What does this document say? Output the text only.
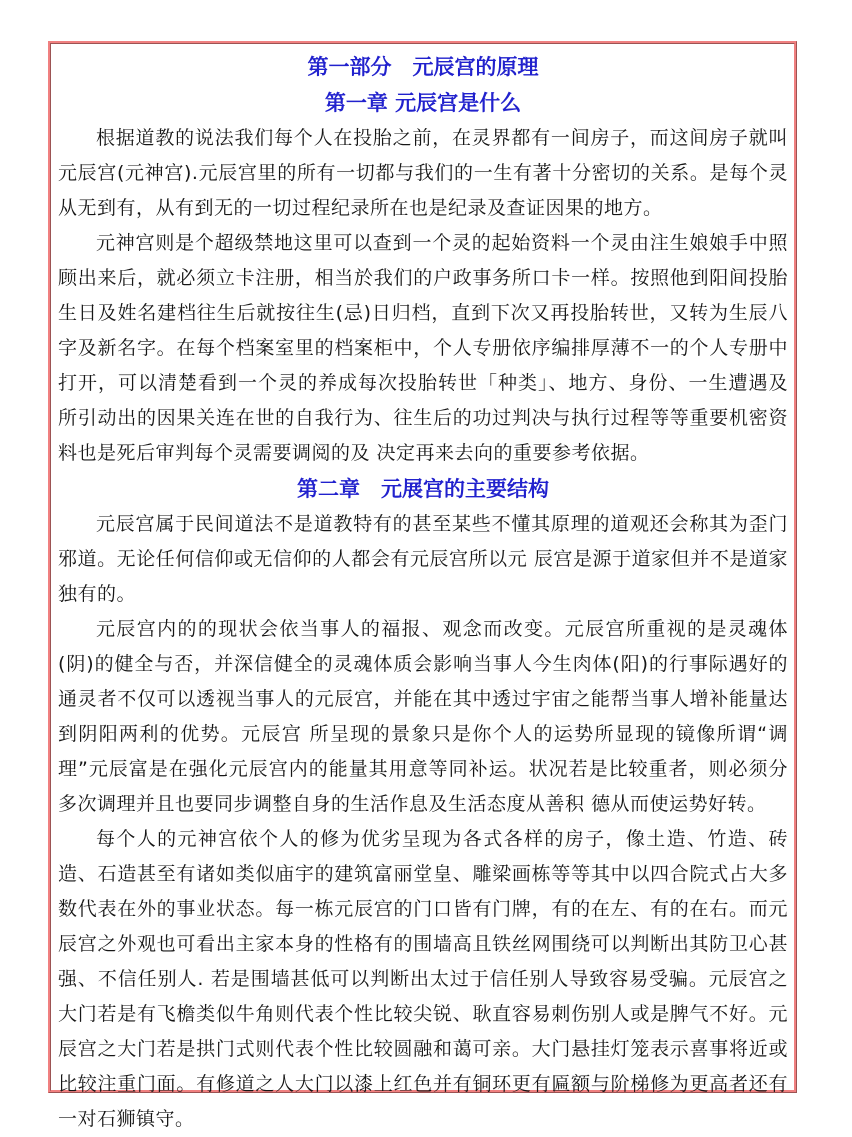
第一部分　元辰宫的原理
第一章 元辰宫是什么

根据道教的说法我们每个人在投胎之前，在灵界都有一间房子，而这间房子就叫元辰宫(元神宫).元辰宫里的所有一切都与我们的一生有著十分密切的关系。是每个灵从无到有，从有到无的一切过程纪录所在也是纪录及查证因果的地方。

元神宫则是个超级禁地这里可以查到一个灵的起始资料一个灵由注生娘娘手中照顾出来后，就必须立卡注册，相当於我们的户政事务所口卡一样。按照他到阳间投胎生日及姓名建档往生后就按往生(忌)日归档，直到下次又再投胎转世，又转为生辰八字及新名字。在每个档案室里的档案柜中，个人专册依序编排厚薄不一的个人专册中打开，可以清楚看到一个灵的养成每次投胎转世「种类」、地方、身份、一生遭遇及所引动出的因果关连在世的自我行为、往生后的功过判决与执行过程等等重要机密资料也是死后审判每个灵需要调阅的及 决定再来去向的重要参考依据。

第二章　元展宫的主要结构

元辰宫属于民间道法不是道教特有的甚至某些不懂其原理的道观还会称其为歪门邪道。无论任何信仰或无信仰的人都会有元辰宫所以元 辰宫是源于道家但并不是道家独有的。

元辰宫内的的现状会依当事人的福报、观念而改变。元辰宫所重视的是灵魂体(阴)的健全与否，并深信健全的灵魂体质会影响当事人今生肉体(阳)的行事际遇好的通灵者不仅可以透视当事人的元辰宫，并能在其中透过宇宙之能帮当事人增补能量达到阴阳两利的优势。元辰宫 所呈现的景象只是你个人的运势所显现的镜像所谓“调理”元辰富是在强化元辰宫内的能量其用意等同补运。状况若是比较重者，则必须分多次调理并且也要同步调整自身的生活作息及生活态度从善积 德从而使运势好转。

每个人的元神宫依个人的修为优劣呈现为各式各样的房子，像土造、竹造、砖造、石造甚至有诸如类似庙宇的建筑富丽堂皇、雕梁画栋等等其中以四合院式占大多数代表在外的事业状态。每一栋元辰宫的门口皆有门牌，有的在左、有的在右。而元辰宫之外观也可看出主家本身的性格有的围墙高且铁丝网围绕可以判断出其防卫心甚强、不信任别人. 若是围墙甚低可以判断出太过于信任别人导致容易受骗。元辰宫之大门若是有飞檐类似牛角则代表个性比较尖锐、耿直容易刺伤别人或是脾气不好。元辰宫之大门若是拱门式则代表个性比较圆融和蔼可亲。大门悬挂灯笼表示喜事将近或比较注重门面。有修道之人大门以漆上红色并有铜环更有匾额与阶梯修为更高者还有一对石狮镇守。
